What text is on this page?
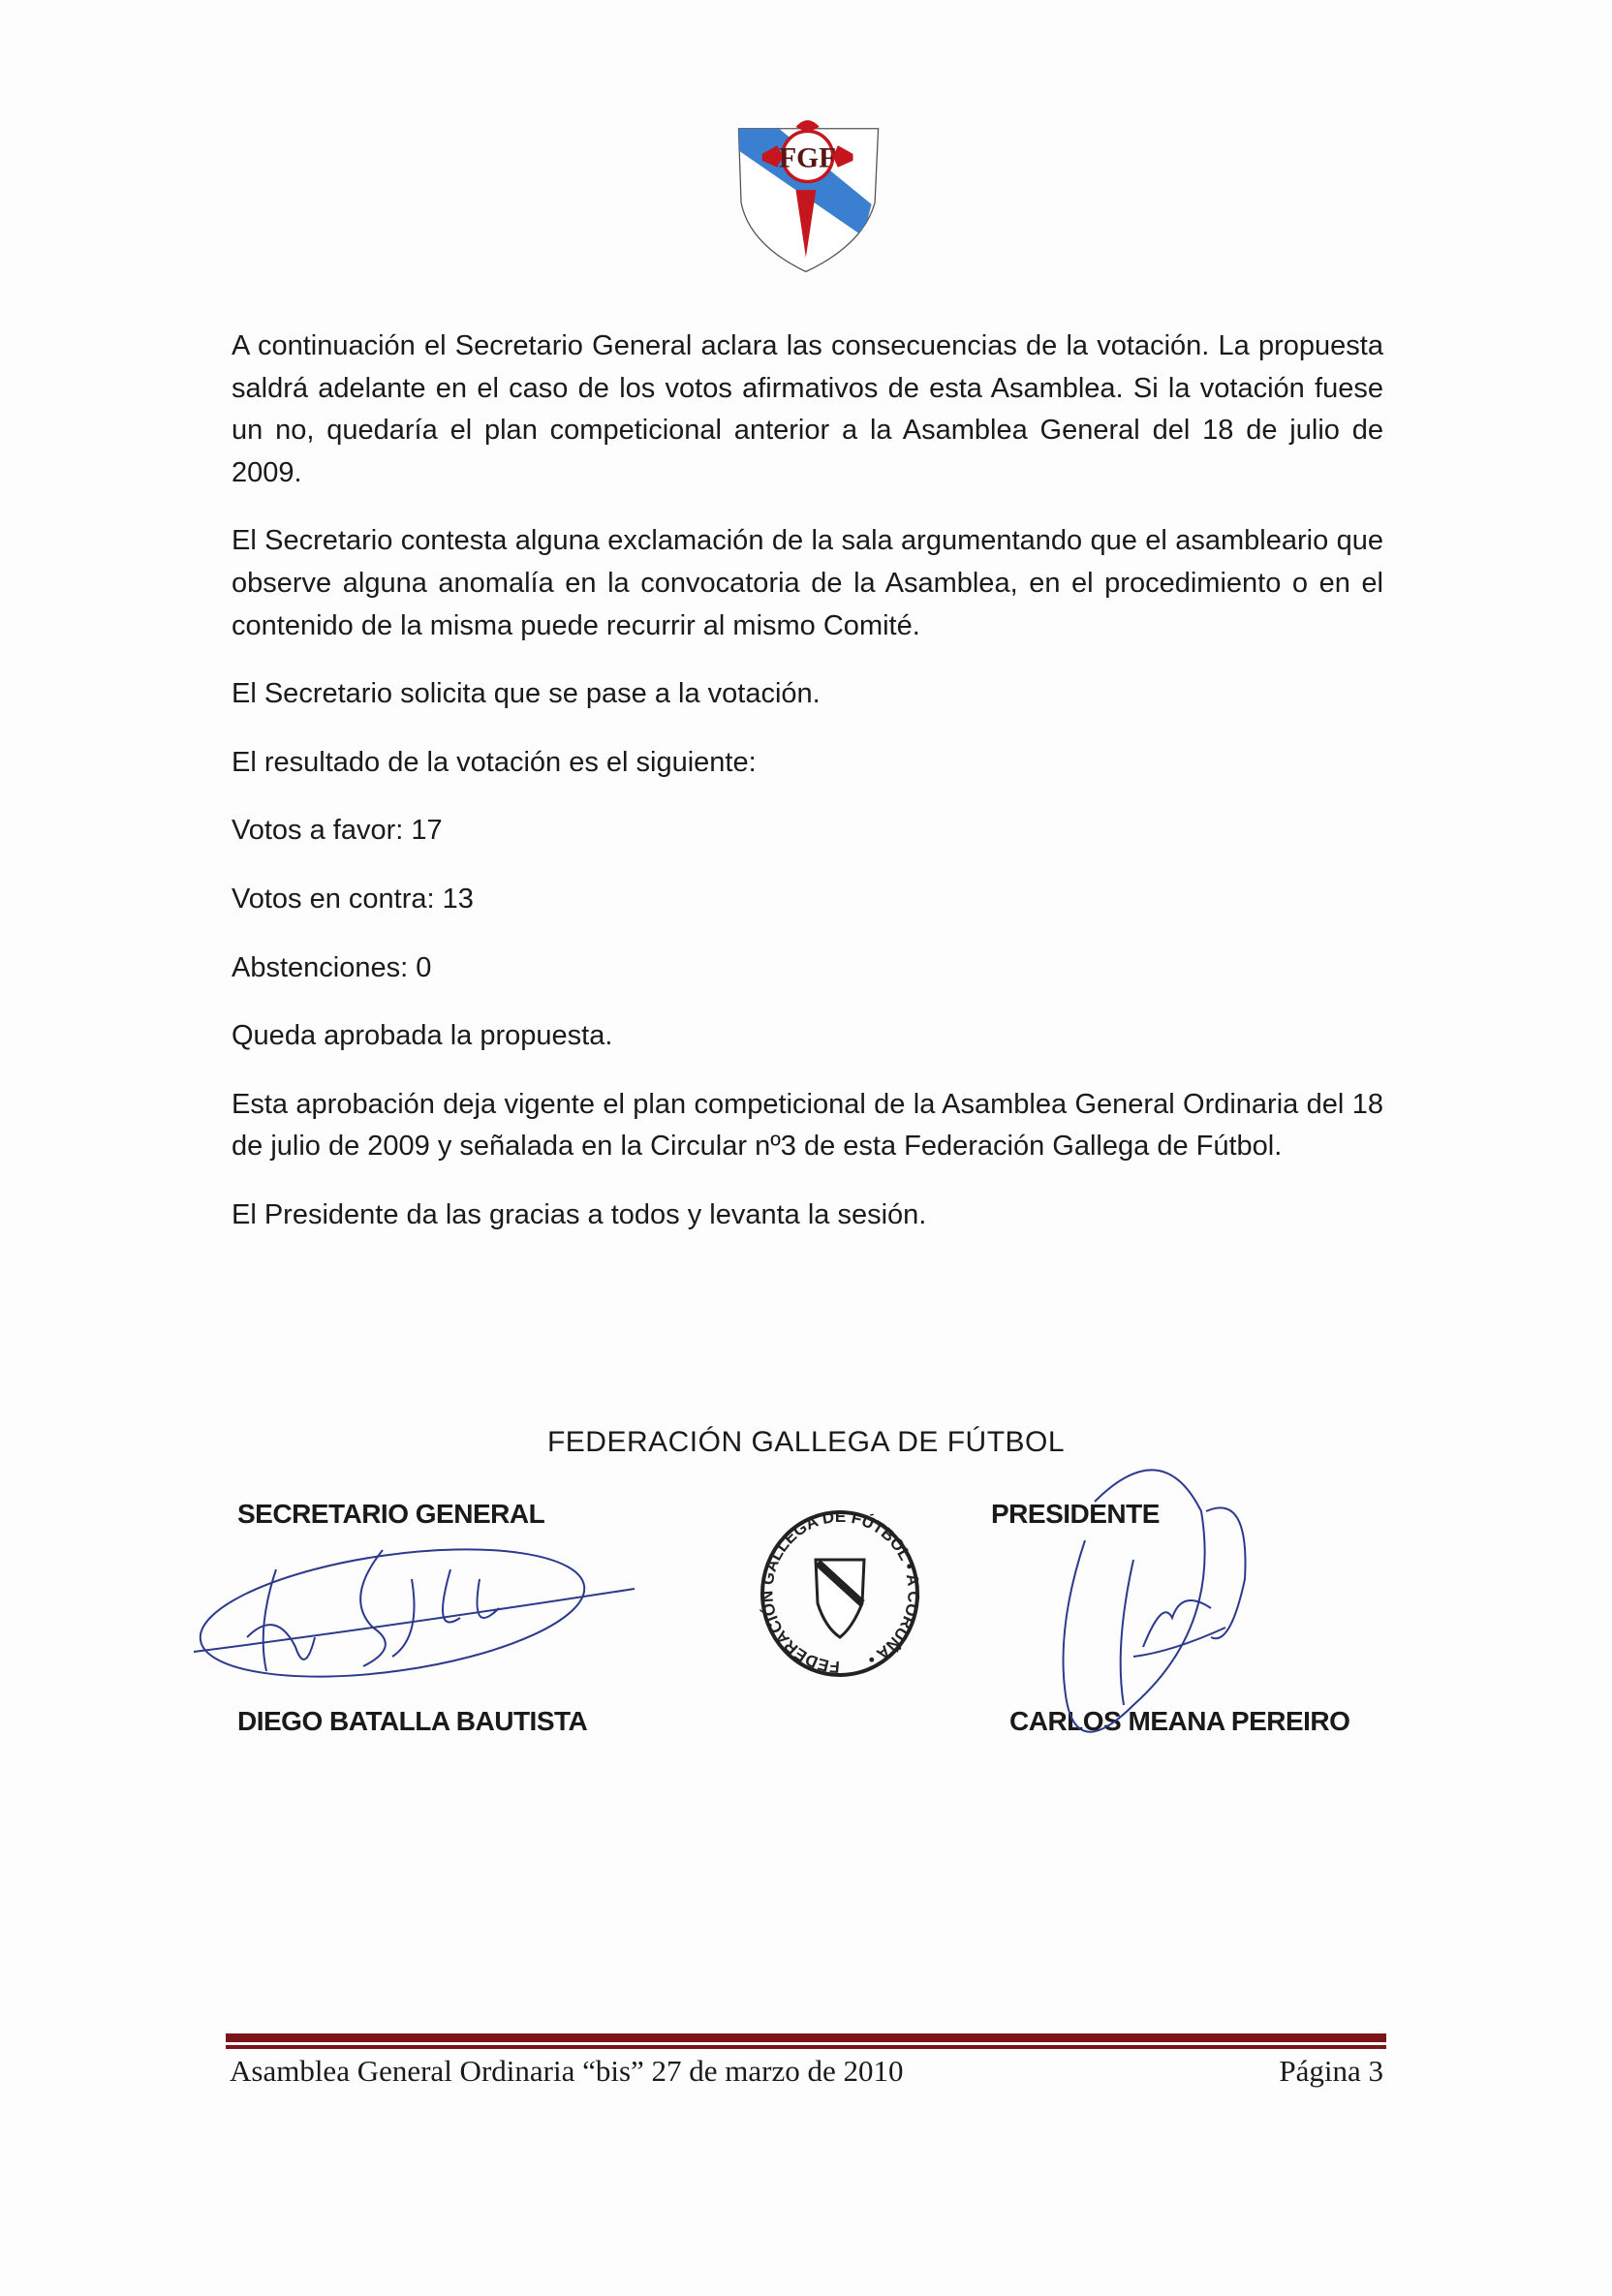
FGF

A continuación el Secretario General aclara las consecuencias de la votación. La propuesta saldrá adelante en el caso de los votos afirmativos de esta Asamblea. Si la votación fuese un no, quedaría el plan competicional anterior a la Asamblea General del 18 de julio de 2009.

El Secretario contesta alguna exclamación de la sala argumentando que el asambleario que observe alguna anomalía en la convocatoria de la Asamblea, en el procedimiento o en el contenido de la misma puede recurrir al mismo Comité.

El Secretario solicita que se pase a la votación.

El resultado de la votación es el siguiente:

Votos a favor: 17

Votos en contra: 13

Abstenciones: 0

Queda aprobada la propuesta.

Esta aprobación deja vigente el plan competicional de la Asamblea General Ordinaria del 18 de julio de 2009 y señalada en la Circular nº3 de esta Federación Gallega de Fútbol.

El Presidente da las gracias a todos y levanta la sesión.

FEDERACIÓN GALLEGA DE FÚTBOL
SECRETARIO GENERAL
DIEGO BATALLA BAUTISTA
PRESIDENTE
CARLOS MEANA PEREIRO
FEDERACIÓN GALLEGA DE FÚTBOL • A CORUÑA •
Asamblea General Ordinaria “bis” 27 de marzo de 2010	Página 3
